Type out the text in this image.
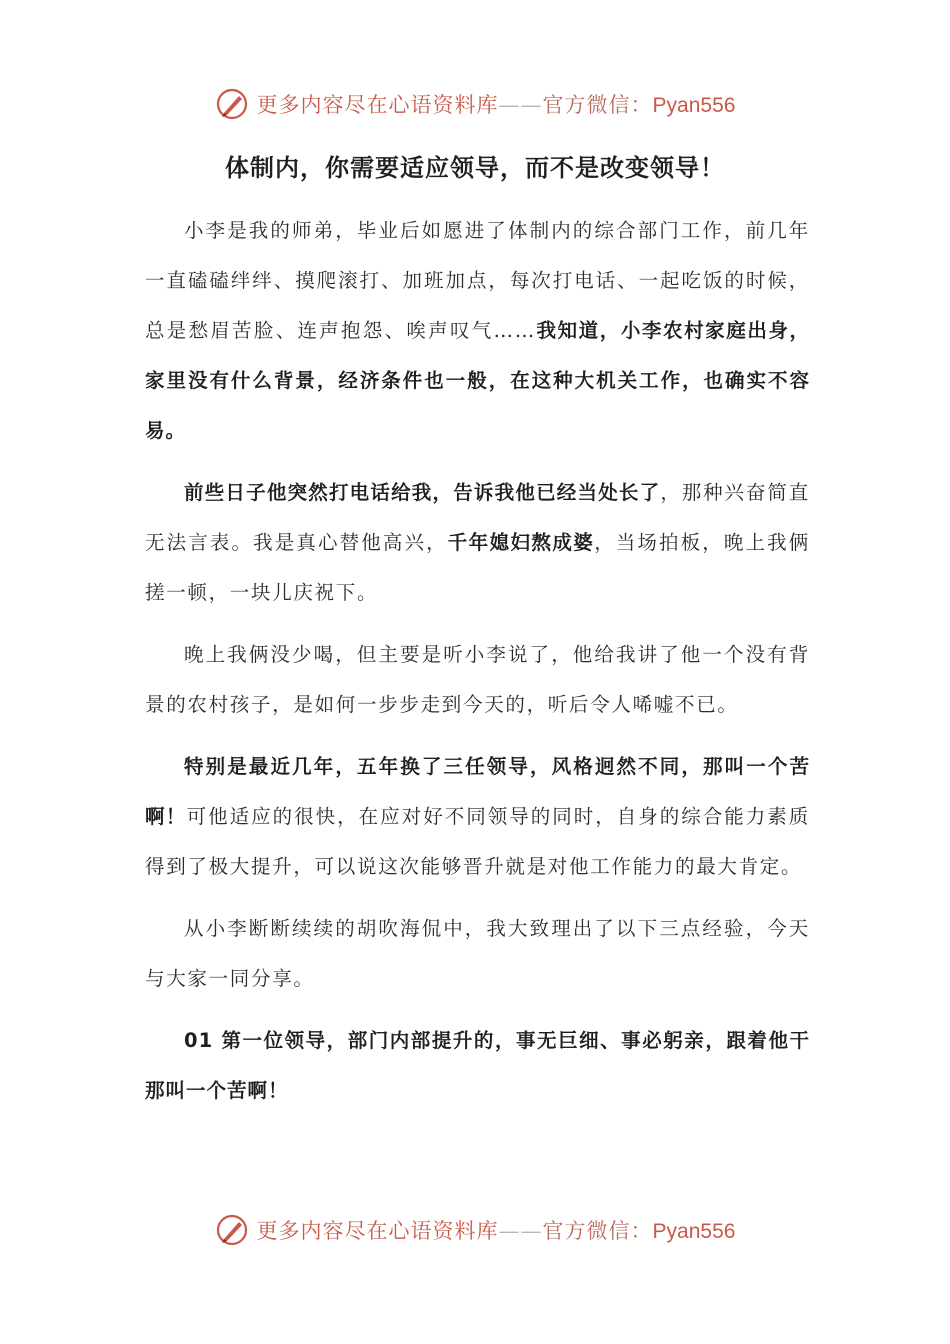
更多内容尽在心语资料库——官方微信：Pyan556
体制内，你需要适应领导，而不是改变领导！

小李是我的师弟，毕业后如愿进了体制内的综合部门工作，前几年一直磕磕绊绊、摸爬滚打、加班加点，每次打电话、一起吃饭的时候，总是愁眉苦脸、连声抱怨、唉声叹气……我知道，小李农村家庭出身，家里没有什么背景，经济条件也一般，在这种大机关工作，也确实不容易。

前些日子他突然打电话给我，告诉我他已经当处长了，那种兴奋简直无法言表。我是真心替他高兴，千年媳妇熬成婆，当场拍板，晚上我俩搓一顿，一块儿庆祝下。

晚上我俩没少喝，但主要是听小李说了，他给我讲了他一个没有背景的农村孩子，是如何一步步走到今天的，听后令人唏嘘不已。

特别是最近几年，五年换了三任领导，风格迥然不同，那叫一个苦啊！可他适应的很快，在应对好不同领导的同时，自身的综合能力素质得到了极大提升，可以说这次能够晋升就是对他工作能力的最大肯定。

从小李断断续续的胡吹海侃中，我大致理出了以下三点经验，今天与大家一同分享。

01 第一位领导，部门内部提升的，事无巨细、事必躬亲，跟着他干那叫一个苦啊！

更多内容尽在心语资料库——官方微信：Pyan556
